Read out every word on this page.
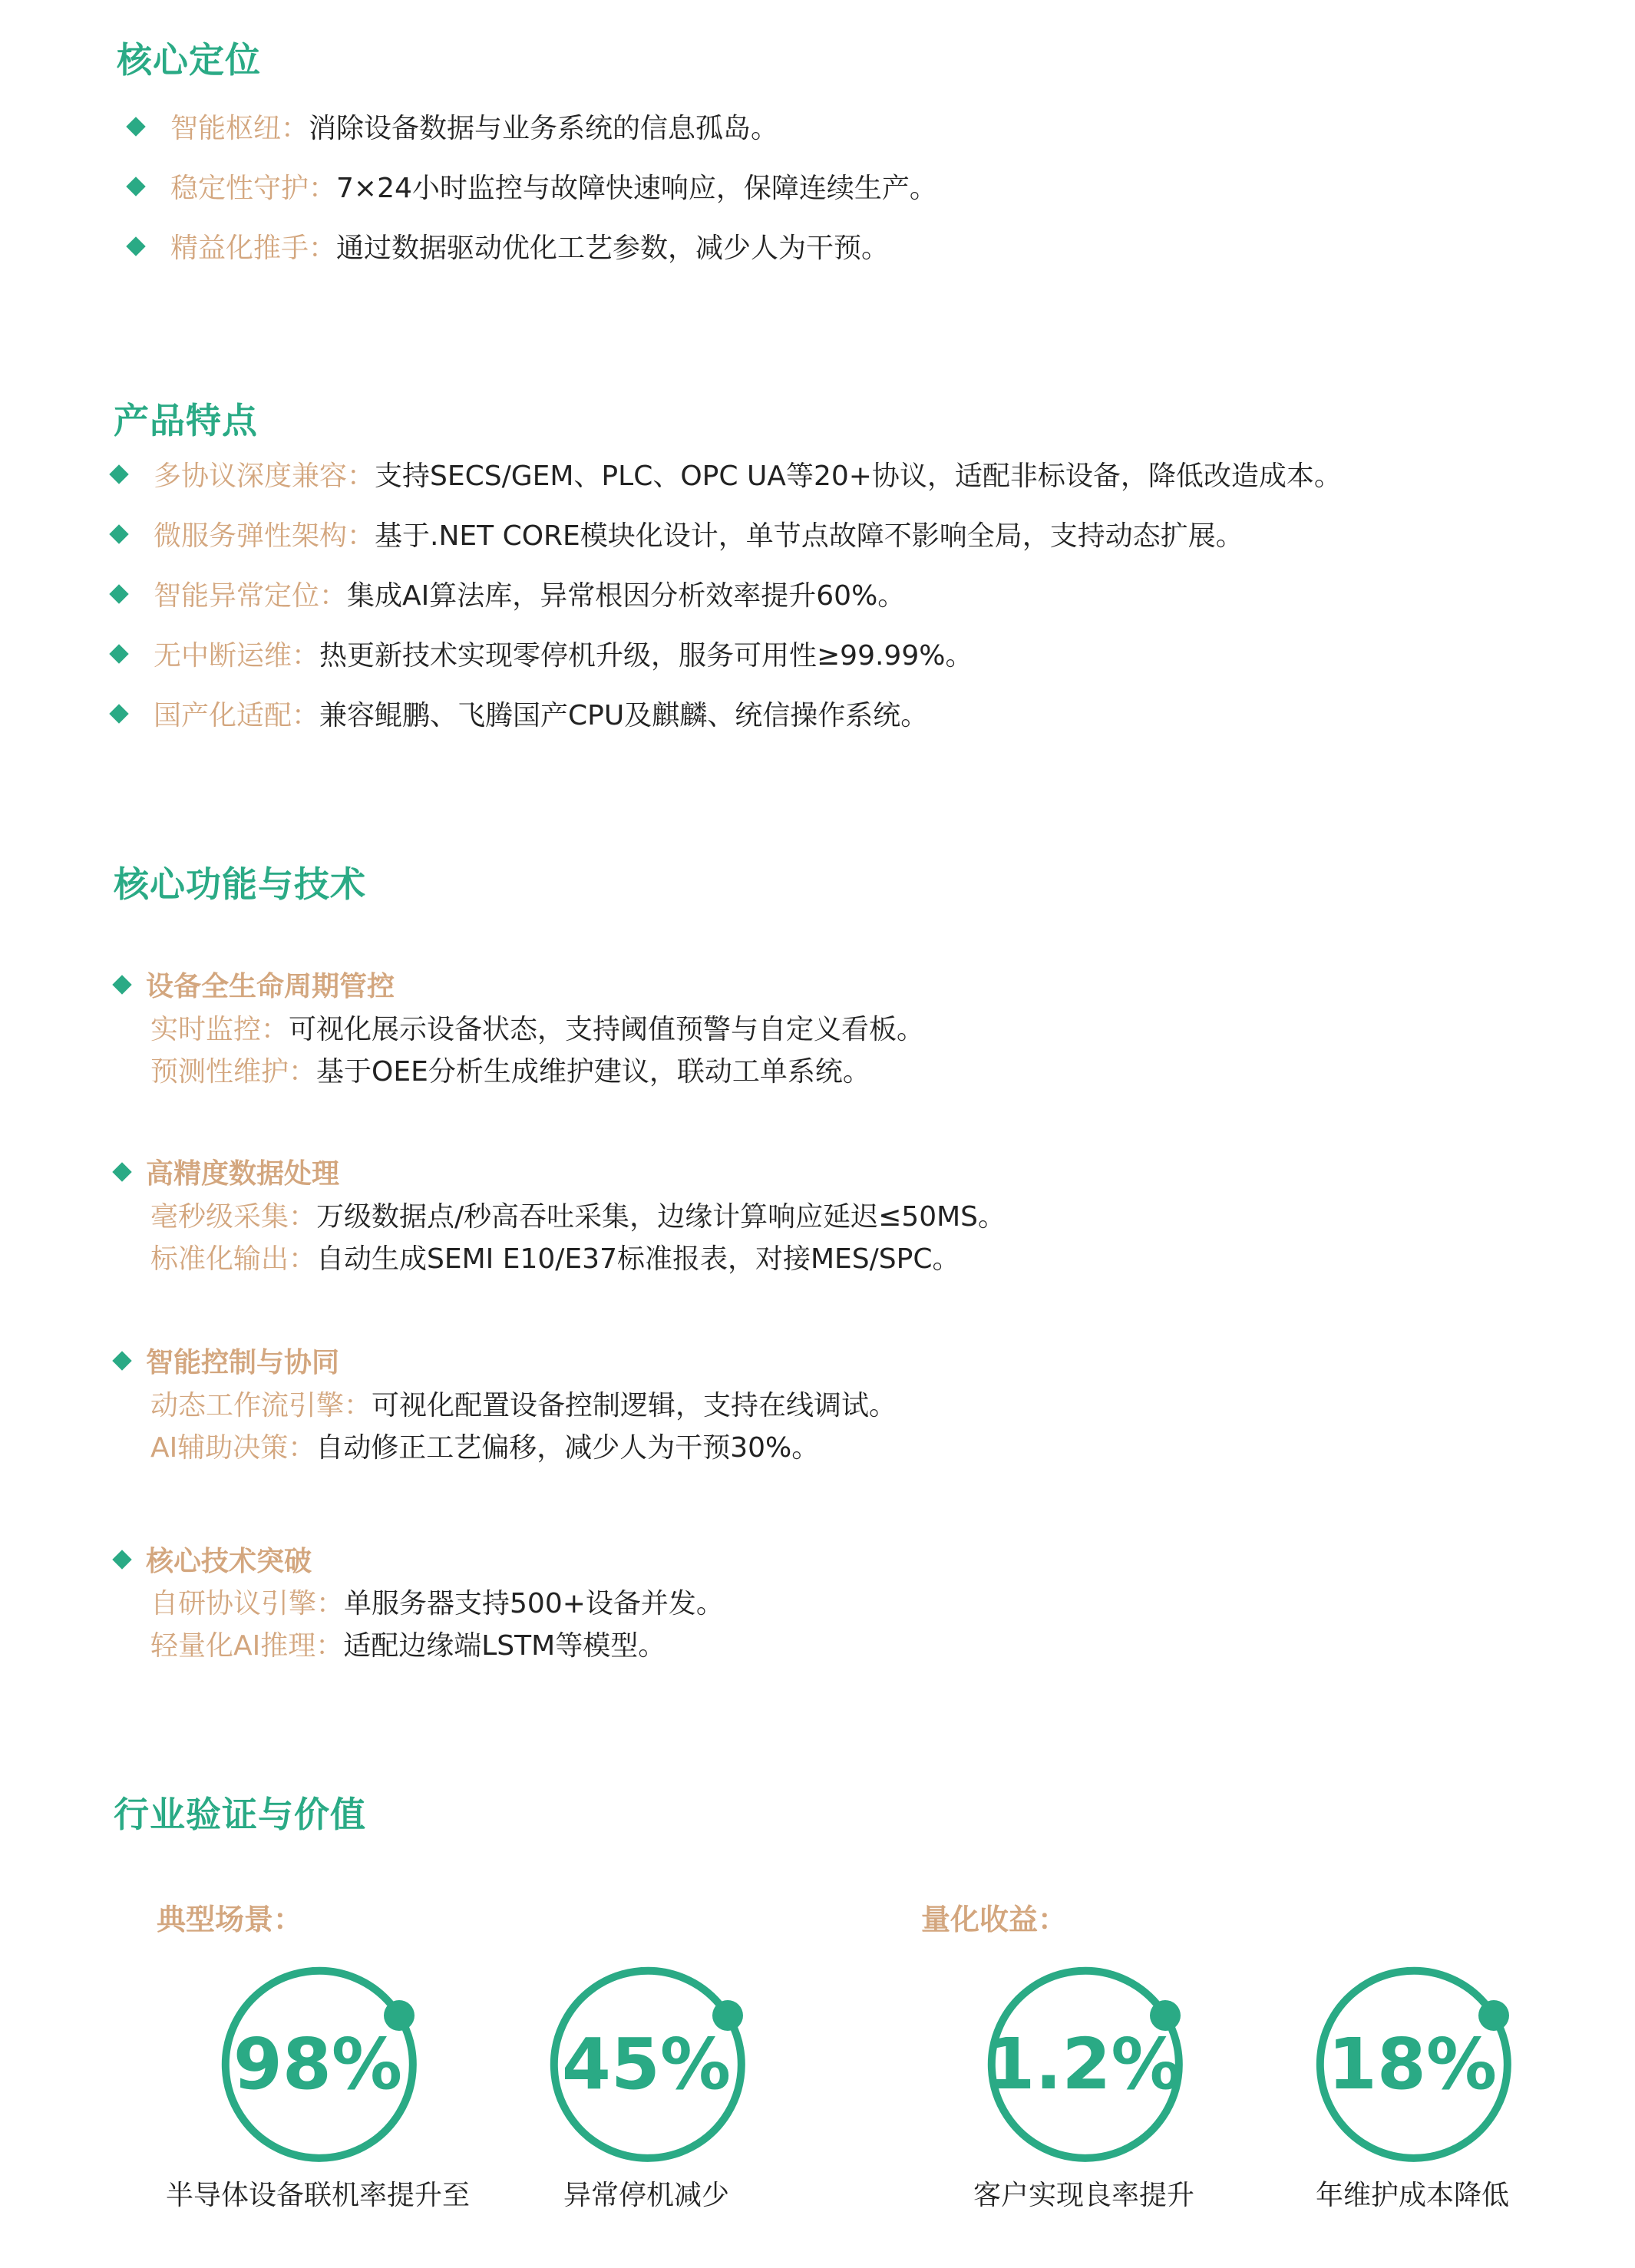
核心定位
智能枢纽：消除设备数据与业务系统的信息孤岛。
稳定性守护：7×24小时监控与故障快速响应，保障连续生产。
精益化推手：通过数据驱动优化工艺参数，减少人为干预。
产品特点
多协议深度兼容：支持SECS/GEM、PLC、OPC UA等20+协议，适配非标设备，降低改造成本。
微服务弹性架构：基于.NET CORE模块化设计，单节点故障不影响全局，支持动态扩展。
智能异常定位：集成AI算法库，异常根因分析效率提升60%。
无中断运维：热更新技术实现零停机升级，服务可用性≥99.99%。
国产化适配：兼容鲲鹏、飞腾国产CPU及麒麟、统信操作系统。
核心功能与技术
设备全生命周期管控
实时监控：可视化展示设备状态，支持阈值预警与自定义看板。
预测性维护：基于OEE分析生成维护建议，联动工单系统。
高精度数据处理
毫秒级采集：万级数据点/秒高吞吐采集，边缘计算响应延迟≤50MS。
标准化输出：自动生成SEMI E10/E37标准报表，对接MES/SPC。
智能控制与协同
动态工作流引擎：可视化配置设备控制逻辑，支持在线调试。
AI辅助决策：自动修正工艺偏移，减少人为干预30%。
核心技术突破
自研协议引擎：单服务器支持500+设备并发。
轻量化AI推理：适配边缘端LSTM等模型。
行业验证与价值
典型场景：	量化收益：
98%
半导体设备联机率提升至
45%
异常停机减少
1.2%
客户实现良率提升
18%
年维护成本降低
